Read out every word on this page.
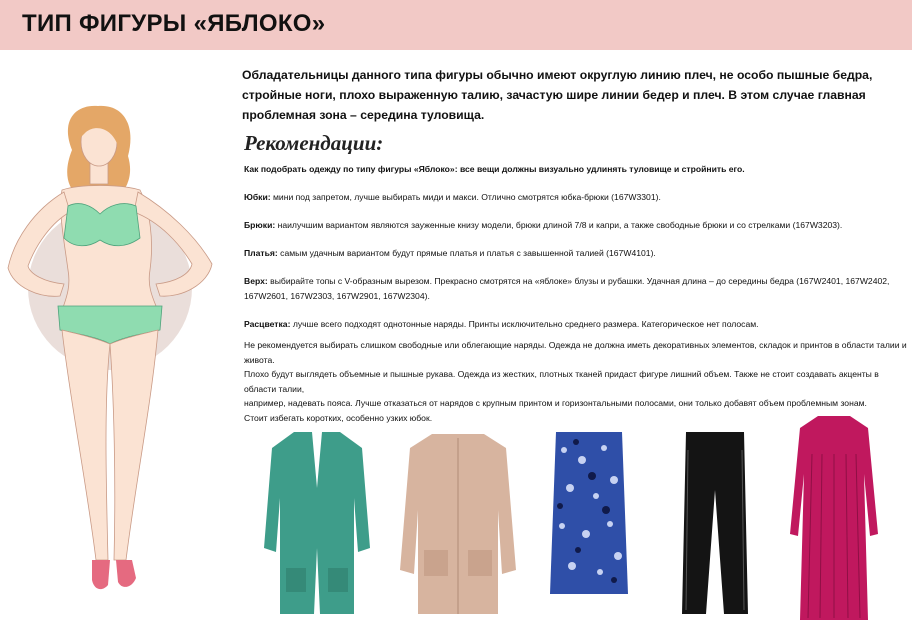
ТИП ФИГУРЫ «ЯБЛОКО»
Обладательницы данного типа фигуры обычно имеют округлую линию плеч, не особо пышные бедра, стройные ноги, плохо выраженную талию, зачастую шире линии бедер и плеч. В этом случае главная проблемная зона – середина туловища.
Рекомендации:
Как подобрать одежду по типу фигуры «Яблоко»: все вещи должны визуально удлинять туловище и стройнить его.
Юбки: мини под запретом, лучше выбирать миди и макси. Отлично смотрятся юбка-брюки (167W3301).
Брюки: наилучшим вариантом являются зауженные книзу модели, брюки длиной 7/8 и капри, а также свободные брюки и со стрелками (167W3203).
Платья: самым удачным вариантом будут прямые платья и платья с завышенной талией (167W4101).
Верх: выбирайте топы с V-образным вырезом. Прекрасно смотрятся на «яблоке» блузы и рубашки. Удачная длина – до середины бедра (167W2401, 167W2402, 167W2601, 167W2303, 167W2901, 167W2304).
Расцветка: лучше всего подходят однотонные наряды. Принты исключительно среднего размера. Категорическое нет полосам.
Не рекомендуется выбирать слишком свободные или облегающие наряды. Одежда не должна иметь декоративных элементов, складок и принтов в области талии и живота.
Плохо будут выглядеть объемные и пышные рукава. Одежда из жестких, плотных тканей придаст фигуре лишний объем. Также не стоит создавать акценты в области талии,
например, надевать пояса. Лучше отказаться от нарядов с крупным принтом и горизонтальными полосами, они только добавят объем проблемным зонам.
Стоит избегать коротких, особенно узких юбок.
